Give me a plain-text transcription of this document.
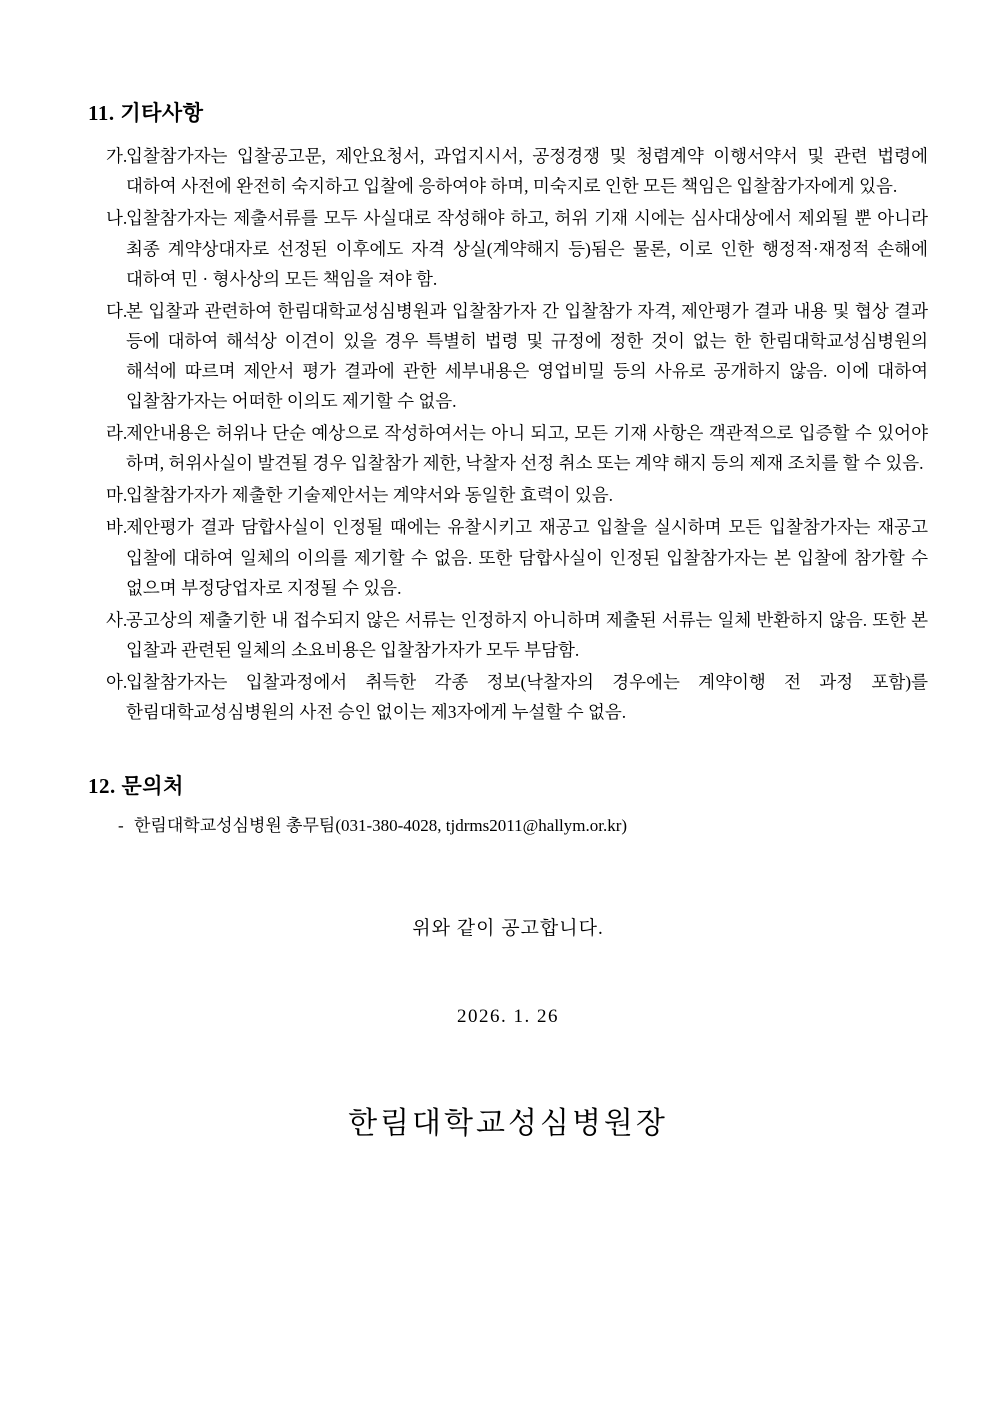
11. 기타사항
가.
입찰참가자는 입찰공고문, 제안요청서, 과업지시서, 공정경쟁 및 청렴계약 이행서약서 및 관련 법령에 대하여 사전에 완전히 숙지하고 입찰에 응하여야 하며, 미숙지로 인한 모든 책임은 입찰참가자에게 있음.
나.
입찰참가자는 제출서류를 모두 사실대로 작성해야 하고, 허위 기재 시에는 심사대상에서 제외될 뿐 아니라 최종 계약상대자로 선정된 이후에도 자격 상실(계약해지 등)됨은 물론, 이로 인한 행정적·재정적 손해에 대하여 민 · 형사상의 모든 책임을 져야 함.
다.
본 입찰과 관련하여 한림대학교성심병원과 입찰참가자 간 입찰참가 자격, 제안평가 결과 내용 및 협상 결과 등에 대하여 해석상 이견이 있을 경우 특별히 법령 및 규정에 정한 것이 없는 한 한림대학교성심병원의 해석에 따르며 제안서 평가 결과에 관한 세부내용은 영업비밀 등의 사유로 공개하지 않음. 이에 대하여 입찰참가자는 어떠한 이의도 제기할 수 없음.
라.
제안내용은 허위나 단순 예상으로 작성하여서는 아니 되고, 모든 기재 사항은 객관적으로 입증할 수 있어야 하며, 허위사실이 발견될 경우 입찰참가 제한, 낙찰자 선정 취소 또는 계약 해지 등의 제재 조치를 할 수 있음.
마.
입찰참가자가 제출한 기술제안서는 계약서와 동일한 효력이 있음.
바.
제안평가 결과 담합사실이 인정될 때에는 유찰시키고 재공고 입찰을 실시하며 모든 입찰참가자는 재공고 입찰에 대하여 일체의 이의를 제기할 수 없음. 또한 담합사실이 인정된 입찰참가자는 본 입찰에 참가할 수 없으며 부정당업자로 지정될 수 있음.
사.
공고상의 제출기한 내 접수되지 않은 서류는 인정하지 아니하며 제출된 서류는 일체 반환하지 않음. 또한 본 입찰과 관련된 일체의 소요비용은 입찰참가자가 모두 부담함.
아.
입찰참가자는 입찰과정에서 취득한 각종 정보(낙찰자의 경우에는 계약이행 전 과정 포함)를 한림대학교성심병원의 사전 승인 없이는 제3자에게 누설할 수 없음.
12. 문의처
- 한림대학교성심병원 총무팀(031-380-4028, tjdrms2011@hallym.or.kr)
위와 같이 공고합니다.
2026. 1. 26
한림대학교성심병원장
